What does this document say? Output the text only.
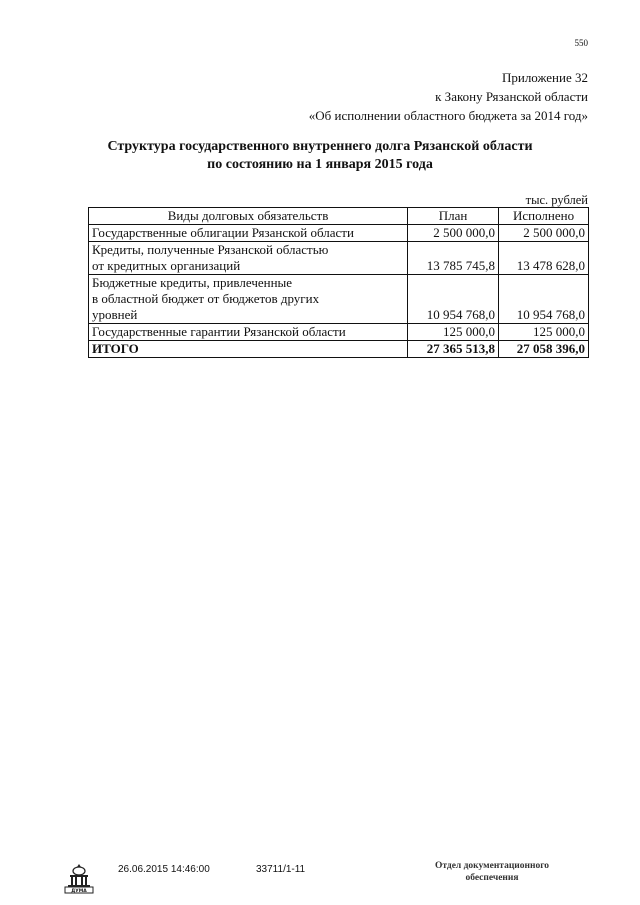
550
Приложение 32
к Закону Рязанской области
«Об исполнении областного бюджета за 2014 год»
Структура государственного внутреннего долга Рязанской области
по состоянию на 1 января 2015 года
тыс. рублей
Виды долговых обязательств	План	Исполнено
Государственные облигации Рязанской области	2 500 000,0	2 500 000,0
Кредиты, полученные Рязанской областью
от кредитных организаций	13 785 745,8	13 478 628,0
Бюджетные кредиты, привлеченные
в областной бюджет от бюджетов других
уровней	10 954 768,0	10 954 768,0
Государственные гарантии Рязанской области	125 000,0	125 000,0
ИТОГО	27 365 513,8	27 058 396,0
ДУМА
26.06.2015 14:46:00	33711/1-11	Отдел документационного
обеспечения
